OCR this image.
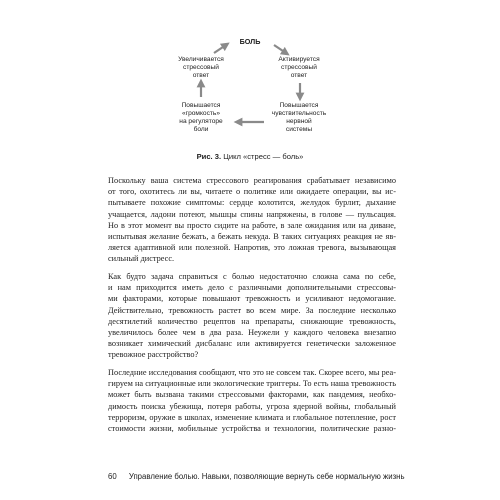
БОЛЬ
Активируется
стрессовый
ответ
Повышается
чувствительность
нервной
системы
Повышается
«громкость»
на регуляторе
боли
Увеличивается
стрессовый
ответ
Рис. 3. Цикл «стресс — боль»
Поскольку ваша система стрессового реагирования срабатывает независимо
от того, охотитесь ли вы, читаете о политике или ожидаете операции, вы ис-
пытываете похожие симптомы: сердце колотится, желудок бурлит, дыхание
учащается, ладони потеют, мышцы спины напряжены, в голове — пульсация.
Но в этот момент вы просто сидите на работе, в зале ожидания или на диване,
испытывая желание бежать, а бежать некуда. В таких ситуациях реакция не яв-
ляется адаптивной или полезной. Напротив, это ложная тревога, вызывающая
сильный дистресс.
Как будто задача справиться с болью недостаточно сложна сама по себе,
и нам приходится иметь дело с различными дополнительными стрессовы-
ми факторами, которые повышают тревожность и усиливают недомогание.
Действительно, тревожность растет во всем мире. За последние несколько
десятилетий количество рецептов на препараты, снижающие тревожность,
увеличилось более чем в два раза. Неужели у каждого человека внезапно
возникает химический дисбаланс или активируется генетически заложенное
тревожное расстройство?
Последние исследования сообщают, что это не совсем так. Скорее всего, мы реа-
гируем на ситуационные или экологические триггеры. То есть наша тревожность
может быть вызвана такими стрессовыми факторами, как пандемия, необхо-
димость поиска убежища, потеря работы, угроза ядерной войны, глобальный
терроризм, оружие в школах, изменение климата и глобальное потепление, рост
стоимости жизни, мобильные устройства и технологии, политические разно-
60 Управление болью. Навыки, позволяющие вернуть себе нормальную жизнь
